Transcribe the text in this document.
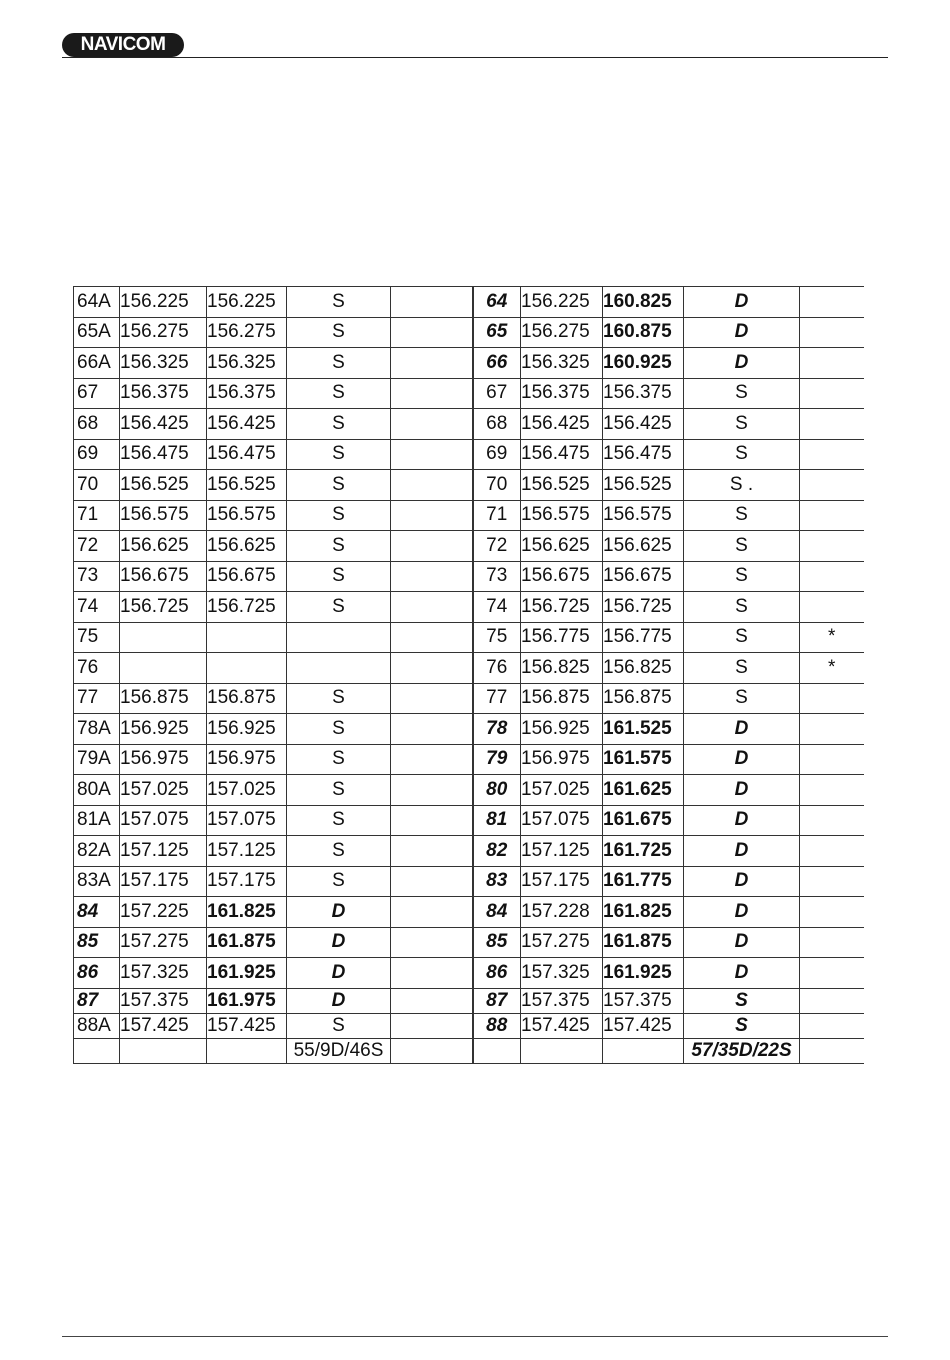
NAVICOM
64A	156.225	156.225	S		64	156.225	160.825	D	
65A	156.275	156.275	S		65	156.275	160.875	D	
66A	156.325	156.325	S		66	156.325	160.925	D	
67	156.375	156.375	S		67	156.375	156.375	S	
68	156.425	156.425	S		68	156.425	156.425	S	
69	156.475	156.475	S		69	156.475	156.475	S	
70	156.525	156.525	S		70	156.525	156.525	S .	
71	156.575	156.575	S		71	156.575	156.575	S	
72	156.625	156.625	S		72	156.625	156.625	S	
73	156.675	156.675	S		73	156.675	156.675	S	
74	156.725	156.725	S		74	156.725	156.725	S	
75					75	156.775	156.775	S	*
76					76	156.825	156.825	S	*
77	156.875	156.875	S		77	156.875	156.875	S	
78A	156.925	156.925	S		78	156.925	161.525	D	
79A	156.975	156.975	S		79	156.975	161.575	D	
80A	157.025	157.025	S		80	157.025	161.625	D	
81A	157.075	157.075	S		81	157.075	161.675	D	
82A	157.125	157.125	S		82	157.125	161.725	D	
83A	157.175	157.175	S		83	157.175	161.775	D	
84	157.225	161.825	D		84	157.228	161.825	D	
85	157.275	161.875	D		85	157.275	161.875	D	
86	157.325	161.925	D		86	157.325	161.925	D	
87	157.375	161.975	D		87	157.375	157.375	S	
88A	157.425	157.425	S		88	157.425	157.425	S	
			55/9D/46S					57/35D/22S	
